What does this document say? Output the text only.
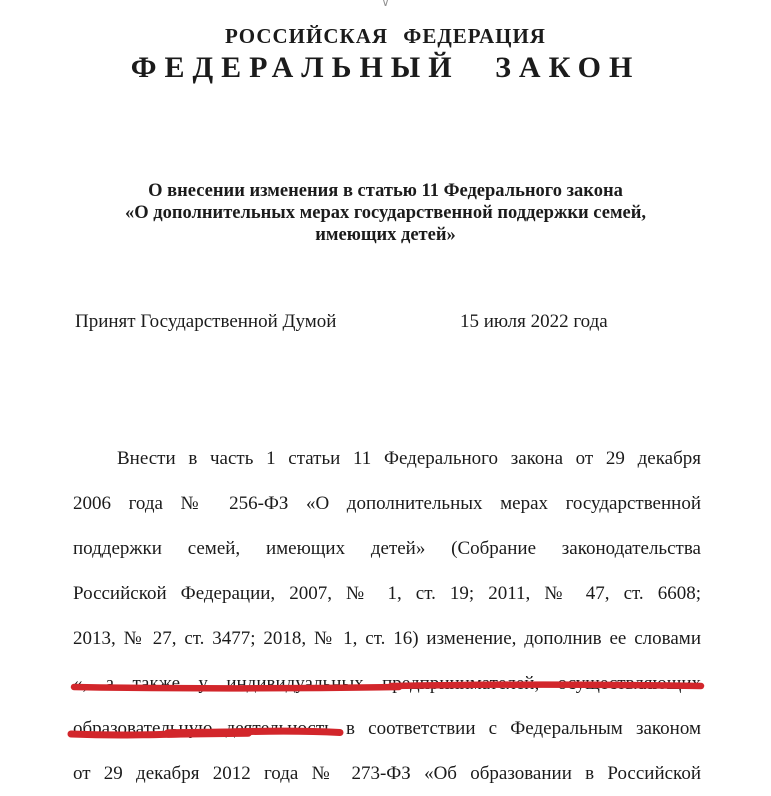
∨
РОССИЙСКАЯ ФЕДЕРАЦИЯ
ФЕДЕРАЛЬНЫЙ ЗАКОН
О внесении изменения в статью 11 Федерального закона
«О дополнительных мерах государственной поддержки семей,
имеющих детей»
Принят Государственной Думой	15 июля 2022 года
Внести в часть 1 статьи 11 Федерального закона от 29 декабря
2006 года № 256-ФЗ «О дополнительных мерах государственной
поддержки семей, имеющих детей» (Собрание законодательства
Российской Федерации, 2007, № 1, ст. 19; 2011, № 47, ст. 6608;
2013, № 27, ст. 3477; 2018, № 1, ст. 16) изменение, дополнив ее словами
«, а также у индивидуальных предпринимателей, осуществляющих
образовательную деятельность в соответствии с Федеральным законом
от 29 декабря 2012 года № 273-ФЗ «Об образовании в Российской
